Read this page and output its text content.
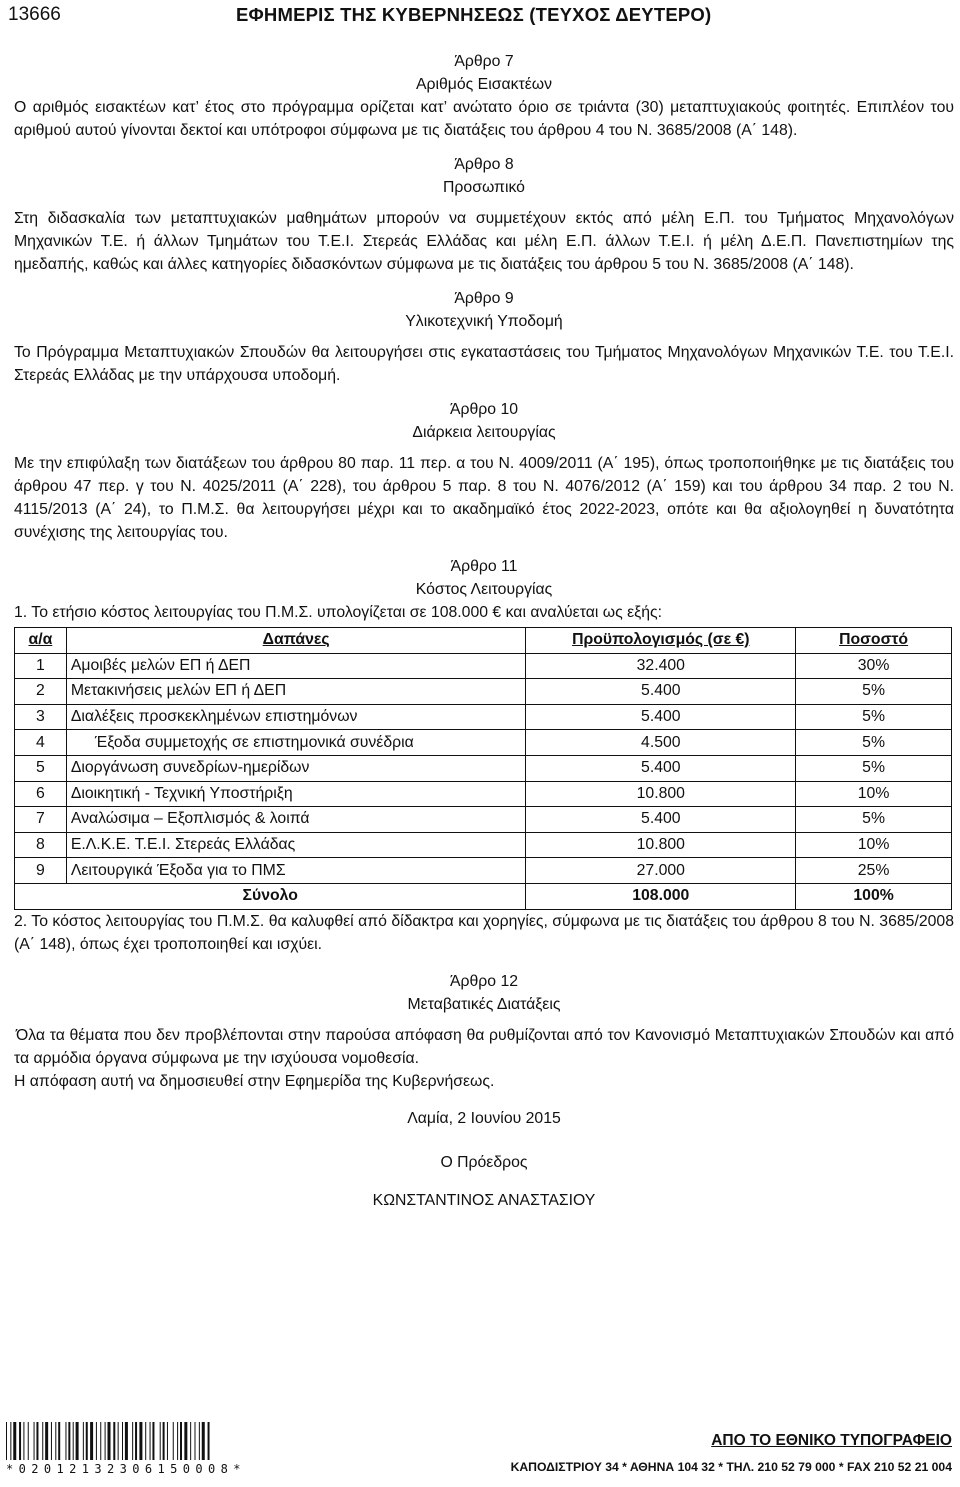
13666	ΕΦΗΜΕΡΙΣ ΤΗΣ ΚΥΒΕΡΝΗΣΕΩΣ (ΤΕΥΧΟΣ ΔΕΥΤΕΡΟ)
Άρθρο 7
Αριθμός Εισακτέων

Ο αριθμός εισακτέων κατ’ έτος στο πρόγραμμα ορίζεται κατ’ ανώτατο όριο σε τριάντα (30) μεταπτυχιακούς φοιτητές. Επιπλέον του αριθμού αυτού γίνονται δεκτοί και υπότροφοι σύμφωνα με τις διατάξεις του άρθρου 4 του Ν. 3685/2008 (Α΄ 148).

Άρθρο 8
Προσωπικό

Στη διδασκαλία των μεταπτυχιακών μαθημάτων μπορούν να συμμετέχουν εκτός από μέλη Ε.Π. του Τμήματος Μηχανολόγων Μηχανικών Τ.Ε. ή άλλων Τμημάτων του Τ.Ε.Ι. Στερεάς Ελλάδας και μέλη Ε.Π. άλλων Τ.Ε.Ι. ή μέλη Δ.Ε.Π. Πανεπιστημίων της ημεδαπής, καθώς και άλλες κατηγορίες διδασκόντων σύμφωνα με τις διατάξεις του άρθρου 5 του Ν. 3685/2008 (Α΄ 148).

Άρθρο 9
Υλικοτεχνική Υποδομή

Το Πρόγραμμα Μεταπτυχιακών Σπουδών θα λειτουργήσει στις εγκαταστάσεις του Τμήματος Μηχανολόγων Μηχανικών Τ.Ε. του Τ.Ε.Ι. Στερεάς Ελλάδας με την υπάρχουσα υποδομή.

Άρθρο 10
Διάρκεια λειτουργίας

Με την επιφύλαξη των διατάξεων του άρθρου 80 παρ. 11 περ. α του Ν. 4009/2011 (Α΄ 195), όπως τροποποιήθηκε με τις διατάξεις του άρθρου 47 περ. γ του Ν. 4025/2011 (Α΄ 228), του άρθρου 5 παρ. 8 του Ν. 4076/2012 (Α΄ 159) και του άρθρου 34 παρ. 2 του Ν. 4115/2013 (Α΄ 24), το Π.Μ.Σ. θα λειτουργήσει μέχρι και το ακαδημαϊκό έτος 2022-2023, οπότε και θα αξιολογηθεί η δυνατότητα συνέχισης της λειτουργίας του.

Άρθρο 11
Κόστος Λειτουργίας

1. Το ετήσιο κόστος λειτουργίας του Π.Μ.Σ. υπολογίζεται σε 108.000 € και αναλύεται ως εξής:

α/α	Δαπάνες	Προϋπολογισμός (σε €)	Ποσοστό
1	Αμοιβές μελών ΕΠ ή ΔΕΠ	32.400	30%
2	Μετακινήσεις μελών ΕΠ ή ΔΕΠ	5.400	5%
3	Διαλέξεις προσκεκλημένων επιστημόνων	5.400	5%
4	Έξοδα συμμετοχής σε επιστημονικά συνέδρια	4.500	5%
5	Διοργάνωση συνεδρίων-ημερίδων	5.400	5%
6	Διοικητική - Τεχνική Υποστήριξη	10.800	10%
7	Αναλώσιμα – Εξοπλισμός & λοιπά	5.400	5%
8	Ε.Λ.Κ.Ε. Τ.Ε.Ι. Στερεάς Ελλάδας	10.800	10%
9	Λειτουργικά Έξοδα για το ΠΜΣ	27.000	25%
Σύνολο		108.000	100%

2. Το κόστος λειτουργίας του Π.Μ.Σ. θα καλυφθεί από δίδακτρα και χορηγίες, σύμφωνα με τις διατάξεις του άρθρου 8 του Ν. 3685/2008 (Α΄ 148), όπως έχει τροποποιηθεί και ισχύει.

Άρθρο 12
Μεταβατικές Διατάξεις

Όλα τα θέματα που δεν προβλέπονται στην παρούσα απόφαση θα ρυθμίζονται από τον Κανονισμό Μεταπτυχιακών Σπουδών και από τα αρμόδια όργανα σύμφωνα με την ισχύουσα νομοθεσία.

Η απόφαση αυτή να δημοσιευθεί στην Εφημερίδα της Κυβερνήσεως.

Λαμία, 2 Ιουνίου 2015
Ο Πρόεδρος
ΚΩΝΣΤΑΝΤΙΝΟΣ ΑΝΑΣΤΑΣΙΟΥ
*02012132306150008*
ΑΠΟ ΤΟ ΕΘΝΙΚΟ ΤΥΠΟΓΡΑΦΕΙΟ
ΚΑΠΟΔΙΣΤΡΙΟΥ 34 * ΑΘΗΝΑ 104 32 * ΤΗΛ. 210 52 79 000 * FAX 210 52 21 004
